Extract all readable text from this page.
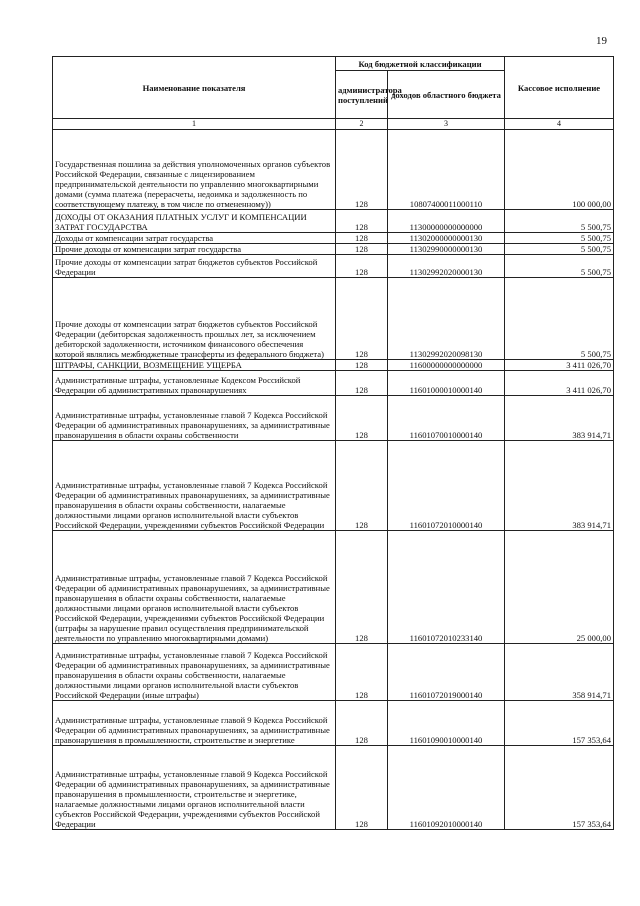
19
Наименование показателя	Код бюджетной классификации		Кассовое исполнение
	администратора поступлений	доходов областного бюджета	
1	2	3	4
Государственная пошлина за действия уполномоченных органов субъектов Российской Федерации, связанные с лицензированием предпринимательской деятельности по управлению многоквартирными домами (сумма платежа (перерасчеты, недоимка и задолженность по соответствующему платежу, в том числе по отмененному))	128	10807400011000110	100 000,00
ДОХОДЫ ОТ ОКАЗАНИЯ ПЛАТНЫХ УСЛУГ И КОМПЕНСАЦИИ ЗАТРАТ ГОСУДАРСТВА	128	11300000000000000	5 500,75
Доходы от компенсации затрат государства	128	11302000000000130	5 500,75
Прочие доходы от компенсации затрат государства	128	11302990000000130	5 500,75
Прочие доходы от компенсации затрат бюджетов субъектов Российской Федерации	128	11302992020000130	5 500,75
Прочие доходы от компенсации затрат бюджетов субъектов Российской Федерации (дебиторская задолженность прошлых лет, за исключением дебиторской задолженности, источником финансового обеспечения которой являлись межбюджетные трансферты из федерального бюджета)	128	11302992020098130	5 500,75
ШТРАФЫ, САНКЦИИ, ВОЗМЕЩЕНИЕ УЩЕРБА	128	11600000000000000	3 411 026,70
Административные штрафы, установленные Кодексом Российской Федерации об административных правонарушениях	128	11601000010000140	3 411 026,70
Административные штрафы, установленные главой 7 Кодекса Российской Федерации об административных правонарушениях, за административные правонарушения в области охраны собственности	128	11601070010000140	383 914,71
Административные штрафы, установленные главой 7 Кодекса Российской Федерации об административных правонарушениях, за административные правонарушения в области охраны собственности, налагаемые должностными лицами органов исполнительной власти субъектов Российской Федерации, учреждениями субъектов Российской Федерации	128	11601072010000140	383 914,71
Административные штрафы, установленные главой 7 Кодекса Российской Федерации об административных правонарушениях, за административные правонарушения в области охраны собственности, налагаемые должностными лицами органов исполнительной власти субъектов Российской Федерации, учреждениями субъектов Российской Федерации (штрафы за нарушение правил осуществления предпринимательской деятельности по управлению многоквартирными домами)	128	11601072010233140	25 000,00
Административные штрафы, установленные главой 7 Кодекса Российской Федерации об административных правонарушениях, за административные правонарушения в области охраны собственности, налагаемые должностными лицами органов исполнительной власти субъектов Российской Федерации (иные штрафы)	128	11601072019000140	358 914,71
Административные штрафы, установленные главой 9 Кодекса Российской Федерации об административных правонарушениях, за административные правонарушения в промышленности, строительстве и энергетике	128	11601090010000140	157 353,64
Административные штрафы, установленные главой 9 Кодекса Российской Федерации об административных правонарушениях, за административные правонарушения в промышленности, строительстве и энергетике, налагаемые должностными лицами органов исполнительной власти субъектов Российской Федерации, учреждениями субъектов Российской Федерации	128	11601092010000140	157 353,64
